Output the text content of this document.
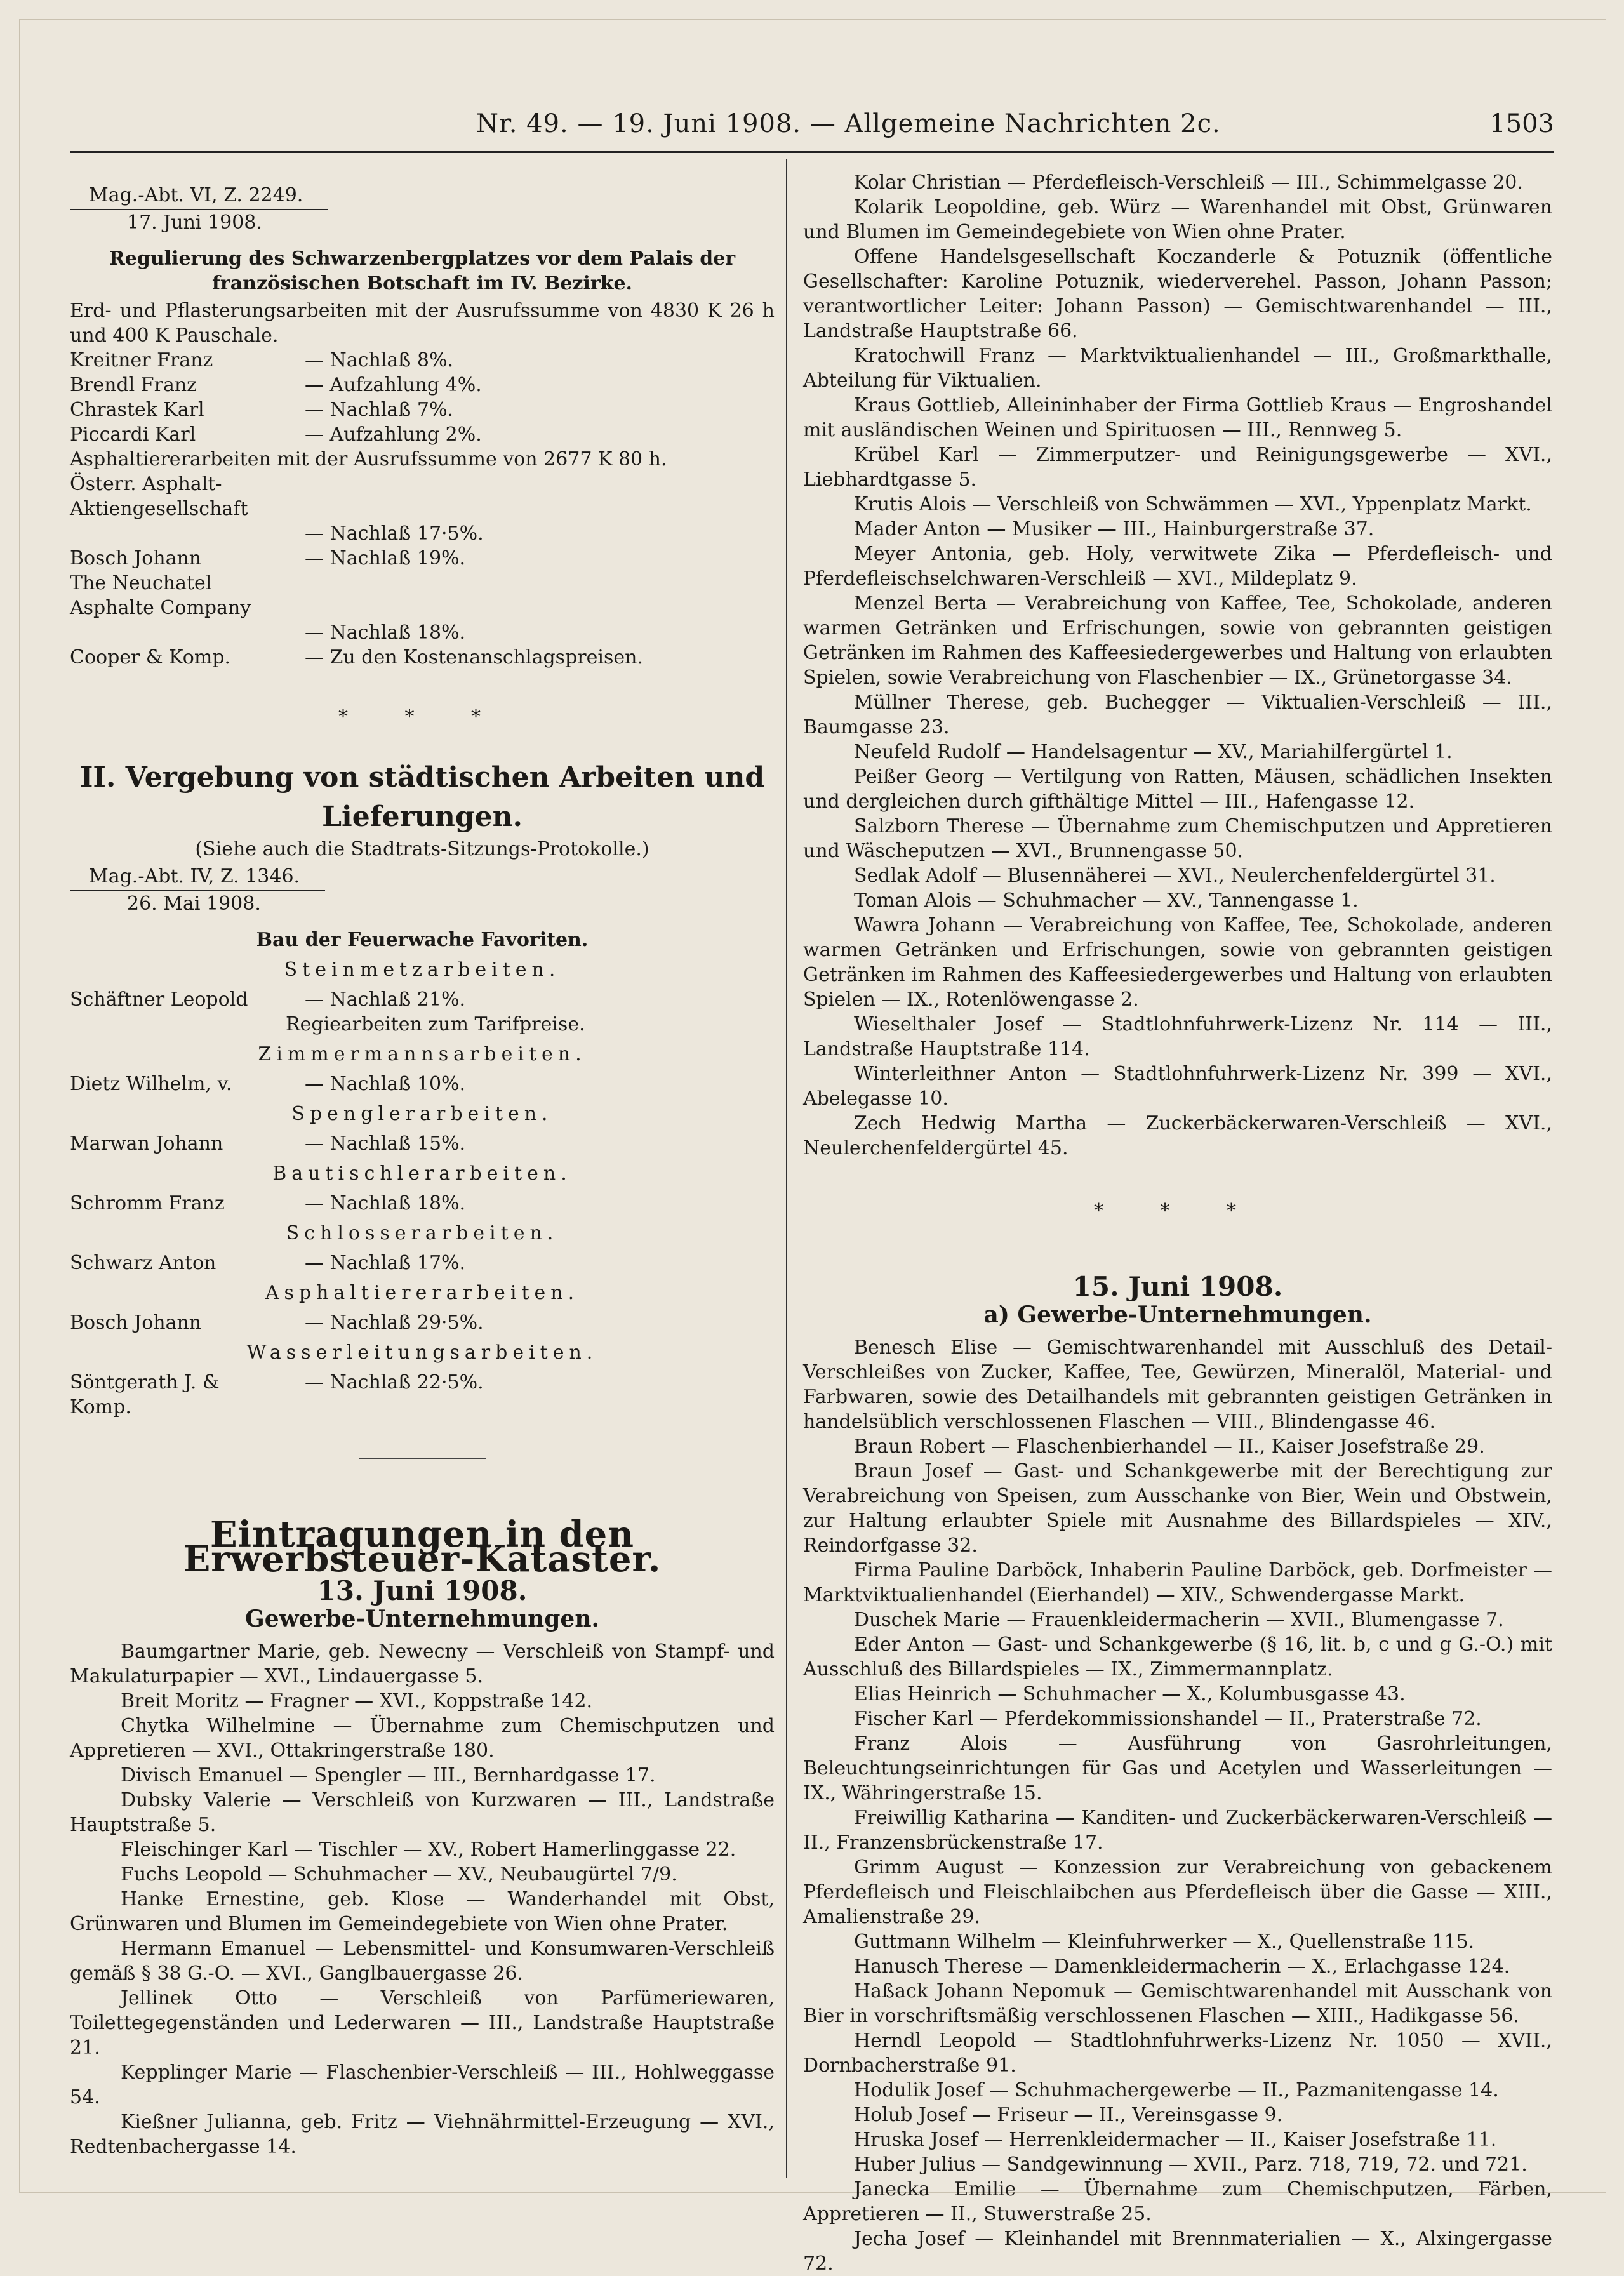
Nr. 49. — 19. Juni 1908. — Allgemeine Nachrichten 2c.	1503
Mag.-Abt. VI, Z. 2249.
17. Juni 1908.
Regulierung des Schwarzenbergplatzes vor dem Palais der französischen Botschaft im IV. Bezirke.
Erd- und Pflasterungsarbeiten mit der Ausrufssumme von 4830 K 26 h und 400 K Pauschale.
Kreitner Franz	— Nachlaß 8%.
Brendl Franz	— Aufzahlung 4%.
Chrastek Karl	— Nachlaß 7%.
Piccardi Karl	— Aufzahlung 2%.
Asphaltiererarbeiten mit der Ausrufssumme von 2677 K 80 h.
Österr. Asphalt-Aktiengesellschaft
— Nachlaß 17·5%.
Bosch Johann	— Nachlaß 19%.
The Neuchatel Asphalte Company
— Nachlaß 18%.
Cooper & Komp.	— Zu den Kostenanschlagspreisen.
* * *
II. Vergebung von städtischen Arbeiten und Lieferungen.
(Siehe auch die Stadtrats-Sitzungs-Protokolle.)
Mag.-Abt. IV, Z. 1346.
26. Mai 1908.
Bau der Feuerwache Favoriten.
Steinmetzarbeiten.
Schäftner Leopold	— Nachlaß 21%.
Regiearbeiten zum Tarifpreise.
Zimmermannsarbeiten.
Dietz Wilhelm, v.	— Nachlaß 10%.
Spenglerarbeiten.
Marwan Johann	— Nachlaß 15%.
Bautischlerarbeiten.
Schromm Franz	— Nachlaß 18%.
Schlosserarbeiten.
Schwarz Anton	— Nachlaß 17%.
Asphaltiererarbeiten.
Bosch Johann	— Nachlaß 29·5%.
Wasserleitungsarbeiten.
Söntgerath J. & Komp.
— Nachlaß 22·5%.
Eintragungen in den Erwerbsteuer-Kataster.
13. Juni 1908.
Gewerbe-Unternehmungen.
Baumgartner Marie, geb. Newecny — Verschleiß von Stampf- und Makulaturpapier — XVI., Lindauergasse 5.
Breit Moritz — Fragner — XVI., Koppstraße 142.
Chytka Wilhelmine — Übernahme zum Chemischputzen und Appretieren — XVI., Ottakringerstraße 180.
Divisch Emanuel — Spengler — III., Bernhardgasse 17.
Dubsky Valerie — Verschleiß von Kurzwaren — III., Landstraße Hauptstraße 5.
Fleischinger Karl — Tischler — XV., Robert Hamerlinggasse 22.
Fuchs Leopold — Schuhmacher — XV., Neubaugürtel 7/9.
Hanke Ernestine, geb. Klose — Wanderhandel mit Obst, Grünwaren und Blumen im Gemeindegebiete von Wien ohne Prater.
Hermann Emanuel — Lebensmittel- und Konsumwaren-Verschleiß gemäß § 38 G.-O. — XVI., Ganglbauergasse 26.
Jellinek Otto — Verschleiß von Parfümeriewaren, Toilettegegenständen und Lederwaren — III., Landstraße Hauptstraße 21.
Kepplinger Marie — Flaschenbier-Verschleiß — III., Hohlweggasse 54.
Kießner Julianna, geb. Fritz — Viehnährmittel-Erzeugung — XVI., Redtenbachergasse 14.
Kolar Christian — Pferdefleisch-Verschleiß — III., Schimmelgasse 20.
Kolarik Leopoldine, geb. Würz — Warenhandel mit Obst, Grünwaren und Blumen im Gemeindegebiete von Wien ohne Prater.
Offene Handelsgesellschaft Koczanderle & Potuznik (öffentliche Gesellschafter: Karoline Potuznik, wiederverehel. Passon, Johann Passon; verantwortlicher Leiter: Johann Passon) — Gemischtwarenhandel — III., Landstraße Hauptstraße 66.
Kratochwill Franz — Marktviktualienhandel — III., Großmarkthalle, Abteilung für Viktualien.
Kraus Gottlieb, Alleininhaber der Firma Gottlieb Kraus — Engroshandel mit ausländischen Weinen und Spirituosen — III., Rennweg 5.
Krübel Karl — Zimmerputzer- und Reinigungsgewerbe — XVI., Liebhardtgasse 5.
Krutis Alois — Verschleiß von Schwämmen — XVI., Yppenplatz Markt.
Mader Anton — Musiker — III., Hainburgerstraße 37.
Meyer Antonia, geb. Holy, verwitwete Zika — Pferdefleisch- und Pferdefleischselchwaren-Verschleiß — XVI., Mildeplatz 9.
Menzel Berta — Verabreichung von Kaffee, Tee, Schokolade, anderen warmen Getränken und Erfrischungen, sowie von gebrannten geistigen Getränken im Rahmen des Kaffeesiedergewerbes und Haltung von erlaubten Spielen, sowie Verabreichung von Flaschenbier — IX., Grünetorgasse 34.
Müllner Therese, geb. Buchegger — Viktualien-Verschleiß — III., Baumgasse 23.
Neufeld Rudolf — Handelsagentur — XV., Mariahilfergürtel 1.
Peißer Georg — Vertilgung von Ratten, Mäusen, schädlichen Insekten und dergleichen durch gifthältige Mittel — III., Hafengasse 12.
Salzborn Therese — Übernahme zum Chemischputzen und Appretieren und Wäscheputzen — XVI., Brunnengasse 50.
Sedlak Adolf — Blusennäherei — XVI., Neulerchenfeldergürtel 31.
Toman Alois — Schuhmacher — XV., Tannengasse 1.
Wawra Johann — Verabreichung von Kaffee, Tee, Schokolade, anderen warmen Getränken und Erfrischungen, sowie von gebrannten geistigen Getränken im Rahmen des Kaffeesiedergewerbes und Haltung von erlaubten Spielen — IX., Rotenlöwengasse 2.
Wieselthaler Josef — Stadtlohnfuhrwerk-Lizenz Nr. 114 — III., Landstraße Hauptstraße 114.
Winterleithner Anton — Stadtlohnfuhrwerk-Lizenz Nr. 399 — XVI., Abelegasse 10.
Zech Hedwig Martha — Zuckerbäckerwaren-Verschleiß — XVI., Neulerchenfeldergürtel 45.
* * *
15. Juni 1908.
a) Gewerbe-Unternehmungen.
Benesch Elise — Gemischtwarenhandel mit Ausschluß des Detail-Verschleißes von Zucker, Kaffee, Tee, Gewürzen, Mineralöl, Material- und Farbwaren, sowie des Detailhandels mit gebrannten geistigen Getränken in handelsüblich verschlossenen Flaschen — VIII., Blindengasse 46.
Braun Robert — Flaschenbierhandel — II., Kaiser Josefstraße 29.
Braun Josef — Gast- und Schankgewerbe mit der Berechtigung zur Verabreichung von Speisen, zum Ausschanke von Bier, Wein und Obstwein, zur Haltung erlaubter Spiele mit Ausnahme des Billardspieles — XIV., Reindorfgasse 32.
Firma Pauline Darböck, Inhaberin Pauline Darböck, geb. Dorfmeister — Marktviktualienhandel (Eierhandel) — XIV., Schwendergasse Markt.
Duschek Marie — Frauenkleidermacherin — XVII., Blumengasse 7.
Eder Anton — Gast- und Schankgewerbe (§ 16, lit. b, c und g G.-O.) mit Ausschluß des Billardspieles — IX., Zimmermannplatz.
Elias Heinrich — Schuhmacher — X., Kolumbusgasse 43.
Fischer Karl — Pferdekommissionshandel — II., Praterstraße 72.
Franz Alois — Ausführung von Gasrohrleitungen, Beleuchtungseinrichtungen für Gas und Acetylen und Wasserleitungen — IX., Währingerstraße 15.
Freiwillig Katharina — Kanditen- und Zuckerbäckerwaren-Verschleiß — II., Franzensbrückenstraße 17.
Grimm August — Konzession zur Verabreichung von gebackenem Pferdefleisch und Fleischlaibchen aus Pferdefleisch über die Gasse — XIII., Amalienstraße 29.
Guttmann Wilhelm — Kleinfuhrwerker — X., Quellenstraße 115.
Hanusch Therese — Damenkleidermacherin — X., Erlachgasse 124.
Haßack Johann Nepomuk — Gemischtwarenhandel mit Ausschank von Bier in vorschriftsmäßig verschlossenen Flaschen — XIII., Hadikgasse 56.
Herndl Leopold — Stadtlohnfuhrwerks-Lizenz Nr. 1050 — XVII., Dornbacherstraße 91.
Hodulik Josef — Schuhmachergewerbe — II., Pazmanitengasse 14.
Holub Josef — Friseur — II., Vereinsgasse 9.
Hruska Josef — Herrenkleidermacher — II., Kaiser Josefstraße 11.
Huber Julius — Sandgewinnung — XVII., Parz. 718, 719, 72. und 721.
Janecka Emilie — Übernahme zum Chemischputzen, Färben, Appretieren — II., Stuwerstraße 25.
Jecha Josef — Kleinhandel mit Brennmaterialien — X., Alxingergasse 72.
